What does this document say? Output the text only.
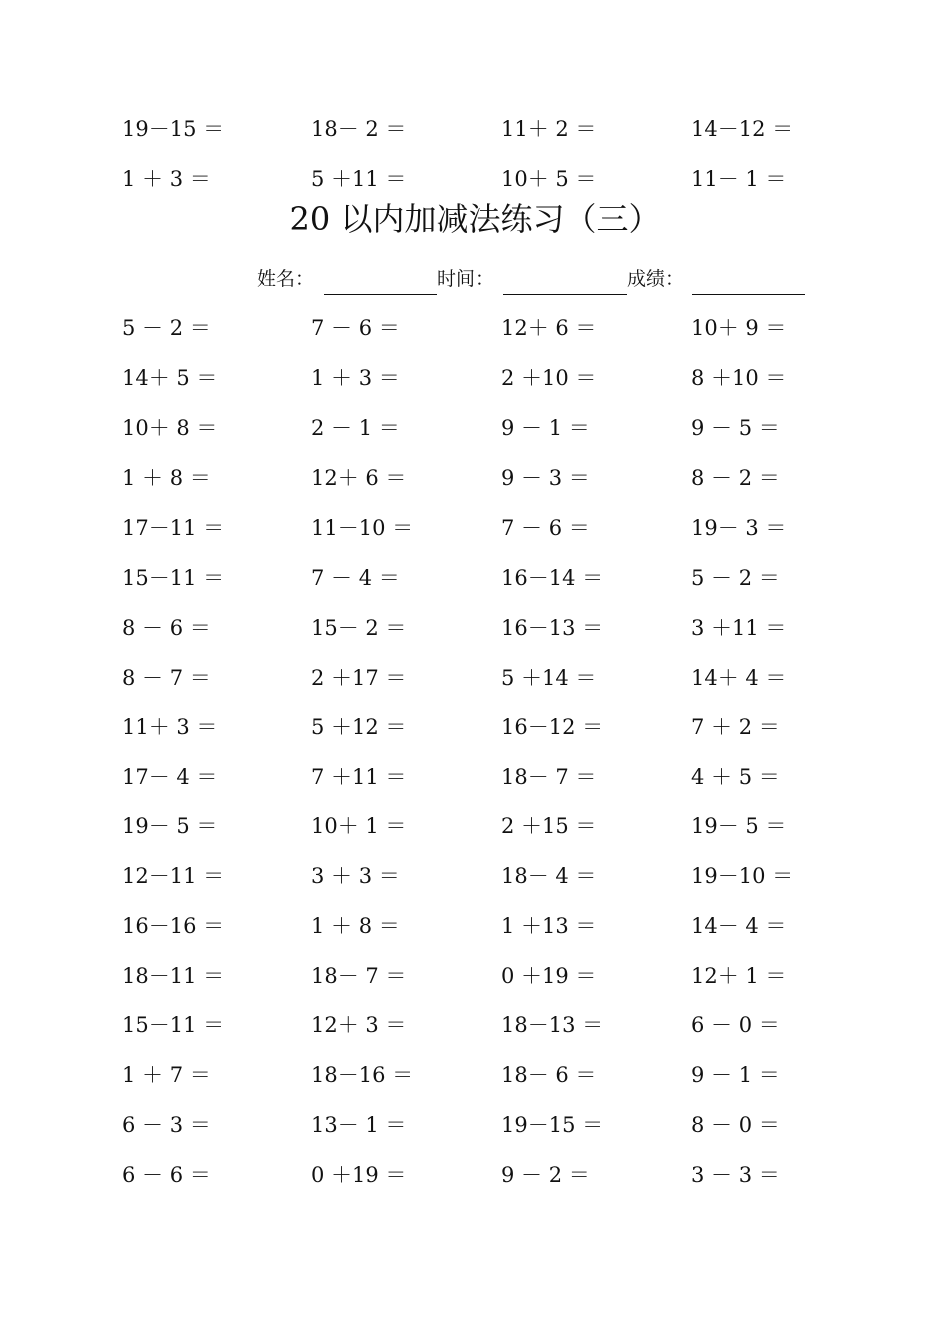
19－15 ＝	18－ 2 ＝	11＋ 2 ＝	14－12 ＝
1 ＋ 3 ＝	5 ＋11 ＝	10＋ 5 ＝	11－ 1 ＝
20 以内加减法练习（三）
姓名：	时间：	成绩：
5 － 2 ＝	7 － 6 ＝	12＋ 6 ＝	10＋ 9 ＝
14＋ 5 ＝	1 ＋ 3 ＝	2 ＋10 ＝	8 ＋10 ＝
10＋ 8 ＝	2 － 1 ＝	9 － 1 ＝	9 － 5 ＝
1 ＋ 8 ＝	12＋ 6 ＝	9 － 3 ＝	8 － 2 ＝
17－11 ＝	11－10 ＝	7 － 6 ＝	19－ 3 ＝
15－11 ＝	7 － 4 ＝	16－14 ＝	5 － 2 ＝
8 － 6 ＝	15－ 2 ＝	16－13 ＝	3 ＋11 ＝
8 － 7 ＝	2 ＋17 ＝	5 ＋14 ＝	14＋ 4 ＝
11＋ 3 ＝	5 ＋12 ＝	16－12 ＝	7 ＋ 2 ＝
17－ 4 ＝	7 ＋11 ＝	18－ 7 ＝	4 ＋ 5 ＝
19－ 5 ＝	10＋ 1 ＝	2 ＋15 ＝	19－ 5 ＝
12－11 ＝	3 ＋ 3 ＝	18－ 4 ＝	19－10 ＝
16－16 ＝	1 ＋ 8 ＝	1 ＋13 ＝	14－ 4 ＝
18－11 ＝	18－ 7 ＝	0 ＋19 ＝	12＋ 1 ＝
15－11 ＝	12＋ 3 ＝	18－13 ＝	6 － 0 ＝
1 ＋ 7 ＝	18－16 ＝	18－ 6 ＝	9 － 1 ＝
6 － 3 ＝	13－ 1 ＝	19－15 ＝	8 － 0 ＝
6 － 6 ＝	0 ＋19 ＝	9 － 2 ＝	3 － 3 ＝
